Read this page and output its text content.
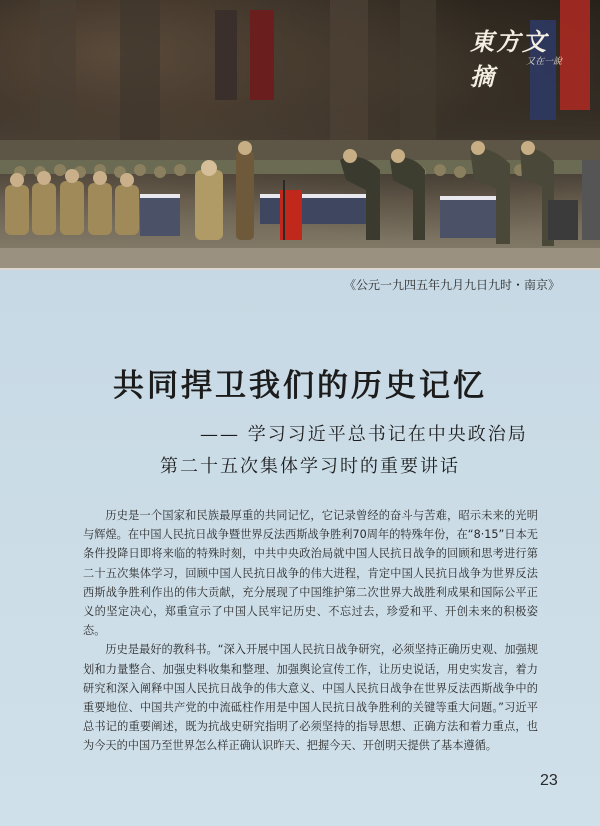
東方文摘	又在一說
《公元一九四五年九月九日九时・南京》
共同捍卫我们的历史记忆
—— 学习习近平总书记在中央政治局
第二十五次集体学习时的重要讲话

历史是一个国家和民族最厚重的共同记忆，它记录曾经的奋斗与苦难，昭示未来的光明与辉煌。在中国人民抗日战争暨世界反法西斯战争胜利70周年的特殊年份，在“8·15”日本无条件投降日即将来临的特殊时刻，中共中央政治局就中国人民抗日战争的回顾和思考进行第二十五次集体学习，回顾中国人民抗日战争的伟大进程，肯定中国人民抗日战争为世界反法西斯战争胜利作出的伟大贡献，充分展现了中国维护第二次世界大战胜利成果和国际公平正义的坚定决心，郑重宣示了中国人民牢记历史、不忘过去，珍爱和平、开创未来的积极姿态。

历史是最好的教科书。“深入开展中国人民抗日战争研究，必须坚持正确历史观、加强规划和力量整合、加强史料收集和整理、加强舆论宣传工作，让历史说话，用史实发言，着力研究和深入阐释中国人民抗日战争的伟大意义、中国人民抗日战争在世界反法西斯战争中的重要地位、中国共产党的中流砥柱作用是中国人民抗日战争胜利的关键等重大问题。”习近平总书记的重要阐述，既为抗战史研究指明了必须坚持的指导思想、正确方法和着力重点，也为今天的中国乃至世界怎么样正确认识昨天、把握今天、开创明天提供了基本遵循。

23
